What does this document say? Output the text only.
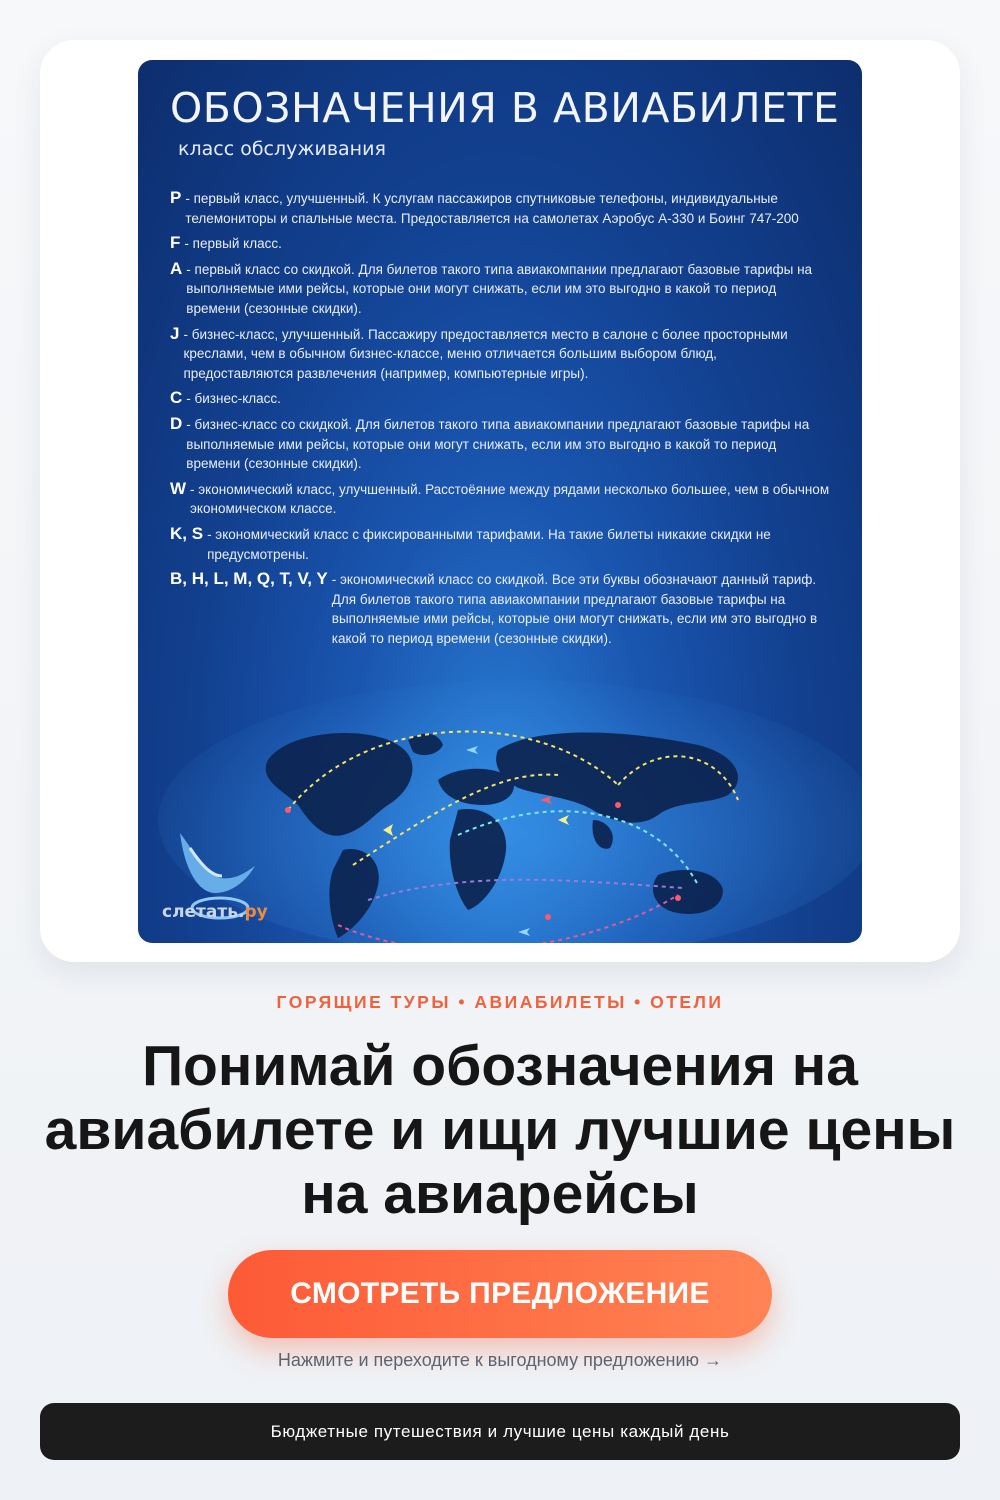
ОБОЗНАЧЕНИЯ В АВИАБИЛЕТЕ
класс обслуживания
P - первый класс, улучшенный. К услугам пассажиров спутниковые телефоны, индивидуальные телемониторы и спальные места. Предоставляется на самолетах Аэробус А-330 и Боинг 747-200
F - первый класс.
A - первый класс со скидкой. Для билетов такого типа авиакомпании предлагают базовые тарифы на выполняемые ими рейсы, которые они могут снижать, если им это выгодно в какой то период времени (сезонные скидки).
J - бизнес-класс, улучшенный. Пассажиру предоставляется место в салоне с более просторными креслами, чем в обычном бизнес-классе, меню отличается большим выбором блюд, предоставляются развлечения (например, компьютерные игры).
C - бизнес-класс.
D - бизнес-класс со скидкой. Для билетов такого типа авиакомпании предлагают базовые тарифы на выполняемые ими рейсы, которые они могут снижать, если им это выгодно в какой то период времени (сезонные скидки).
W - экономический класс, улучшенный. Расстоёяние между рядами несколько большее, чем в обычном экономическом классе.
K, S - экономический класс с фиксированными тарифами. На такие билеты никакие скидки не предусмотрены.
B, H, L, M, Q, T, V, Y - экономический класс со скидкой. Все эти буквы обозначают данный тариф. Для билетов такого типа авиакомпании предлагают базовые тарифы на выполняемые ими рейсы, которые они могут снижать, если им это выгодно в какой то период времени (сезонные скидки).
слетать.ру
ГОРЯЩИЕ ТУРЫ • АВИАБИЛЕТЫ • ОТЕЛИ
Понимай обозначения на авиабилете и ищи лучшие цены на авиарейсы
СМОТРЕТЬ ПРЕДЛОЖЕНИЕ
Нажмите и переходите к выгодному предложению →
Бюджетные путешествия и лучшие цены каждый день
